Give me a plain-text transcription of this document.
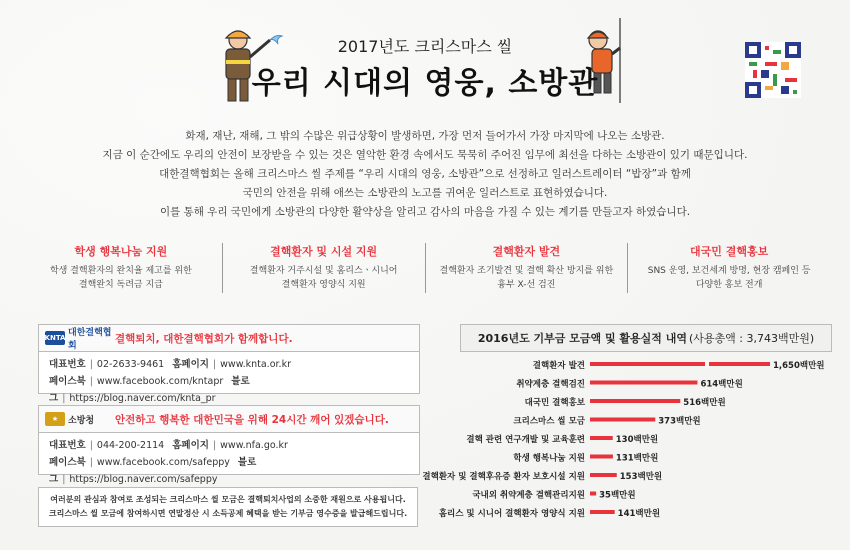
2017년도 크리스마스 씰
우리 시대의 영웅, 소방관

화재, 재난, 재해, 그 밖의 수많은 위급상황이 발생하면, 가장 먼저 들어가서 가장 마지막에 나오는 소방관.

지금 이 순간에도 우리의 안전이 보장받을 수 있는 것은 열악한 환경 속에서도 묵묵히 주어진 임무에 최선을 다하는 소방관이 있기 때문입니다.

대한결핵협회는 올해 크리스마스 씰 주제를 “우리 시대의 영웅, 소방관”으로 선정하고 일러스트레이터 “밥장”과 함께

국민의 안전을 위해 애쓰는 소방관의 노고를 귀여운 일러스트로 표현하였습니다.

이를 통해 우리 국민에게 소방관의 다양한 활약상을 알리고 감사의 마음을 가질 수 있는 계기를 만들고자 하였습니다.

학생 행복나눔 지원
학생 결핵환자의 완치율 제고를 위한
결핵완치 독려금 지급
결핵환자 및 시설 지원
결핵환자 거주시설 및 홈리스ㆍ시니어
결핵환자 영양식 지원
결핵환자 발견
결핵환자 조기발견 및 결핵 확산 방지를 위한
흉부 X-선 검진
대국민 결핵홍보
SNS 운영, 보건세계 방명, 현장 캠페인 등
다양한 홍보 전개
KNTA 대한결핵협회
결핵퇴치, 대한결핵협회가 함께합니다.
대표번호 | 02-2633-9461 홈페이지 | www.knta.or.kr
페이스북 | www.facebook.com/kntapr 블로그 | https://blog.naver.com/knta_pr
★	소방청 안전하고 행복한 대한민국을 위해 24시간 깨어 있겠습니다.
대표번호 | 044-200-2114 홈페이지 | www.nfa.go.kr
페이스북 | www.facebook.com/safeppy 블로그 | https://blog.naver.com/safeppy
여러분의 관심과 참여로 조성되는 크리스마스 씰 모금은 결핵퇴치사업의 소중한 재원으로 사용됩니다.
크리스마스 씰 모금에 참여하시면 연말정산 시 소득공제 혜택을 받는 기부금 영수증을 발급해드립니다.
2016년도 기부금 모금액 및 활용실적 내역 (사용총액 : 3,743백만원)
결핵환자 발견	1,650백만원
취약계층 결핵검진	614백만원
대국민 결핵홍보	516백만원
크리스마스 씰 모금	373백만원
결핵 관련 연구개발 및 교육훈련	130백만원
학생 행복나눔 지원	131백만원
결핵환자 및 결핵후유증 환자 보호시설 지원	153백만원
국내외 취약계층 결핵관리지원 35백만원
홈리스 및 시니어 결핵환자 영양식 지원	141백만원
